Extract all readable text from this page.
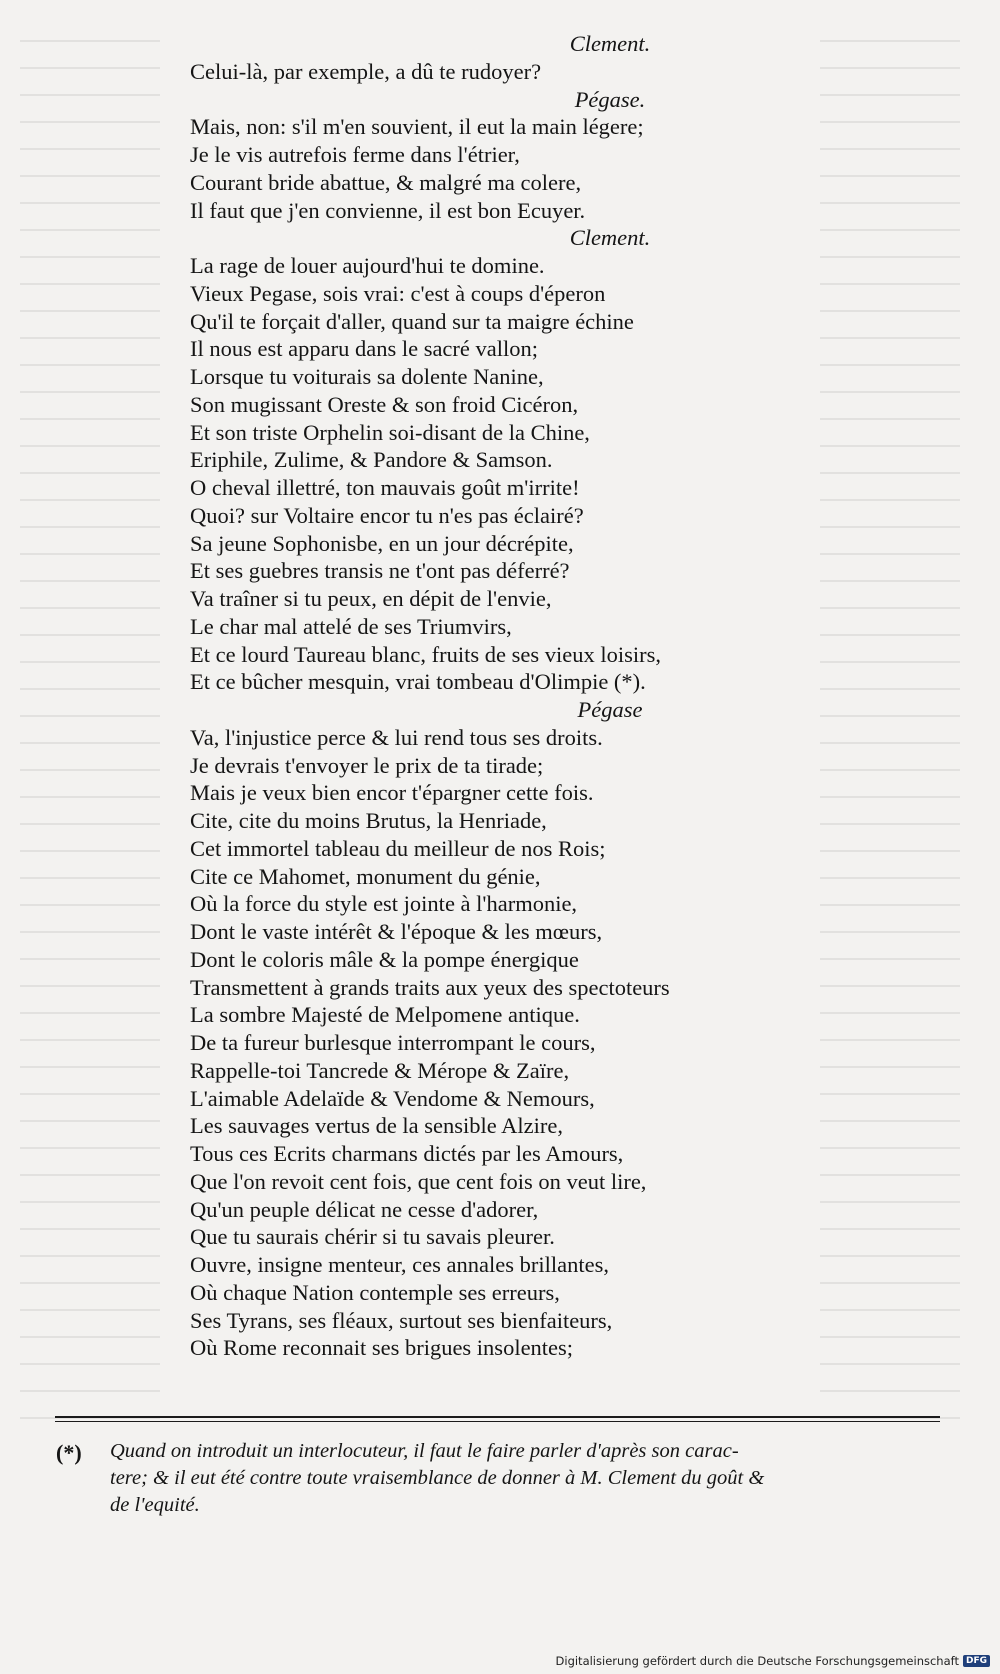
Clement.
Celui-là, par exemple, a dû te rudoyer?
Pégase.
Mais, non: s'il m'en souvient, il eut la main légere;
Je le vis autrefois ferme dans l'étrier,
Courant bride abattue, & malgré ma colere,
Il faut que j'en convienne, il est bon Ecuyer.
Clement.
La rage de louer aujourd'hui te domine.
Vieux Pegase, sois vrai: c'est à coups d'éperon
Qu'il te forçait d'aller, quand sur ta maigre échine
Il nous est apparu dans le sacré vallon;
Lorsque tu voiturais sa dolente Nanine,
Son mugissant Oreste & son froid Cicéron,
Et son triste Orphelin soi-disant de la Chine,
Eriphile, Zulime, & Pandore & Samson.
O cheval illettré, ton mauvais goût m'irrite!
Quoi? sur Voltaire encor tu n'es pas éclairé?
Sa jeune Sophonisbe, en un jour décrépite,
Et ses guebres transis ne t'ont pas déferré?
Va traîner si tu peux, en dépit de l'envie,
Le char mal attelé de ses Triumvirs,
Et ce lourd Taureau blanc, fruits de ses vieux loisirs,
Et ce bûcher mesquin, vrai tombeau d'Olimpie (*).
Pégase
Va, l'injustice perce & lui rend tous ses droits.
Je devrais t'envoyer le prix de ta tirade;
Mais je veux bien encor t'épargner cette fois.
Cite, cite du moins Brutus, la Henriade,
Cet immortel tableau du meilleur de nos Rois;
Cite ce Mahomet, monument du génie,
Où la force du style est jointe à l'harmonie,
Dont le vaste intérêt & l'époque & les mœurs,
Dont le coloris mâle & la pompe énergique
Transmettent à grands traits aux yeux des spectoteurs
La sombre Majesté de Melpomene antique.
De ta fureur burlesque interrompant le cours,
Rappelle-toi Tancrede & Mérope & Zaïre,
L'aimable Adelaïde & Vendome & Nemours,
Les sauvages vertus de la sensible Alzire,
Tous ces Ecrits charmans dictés par les Amours,
Que l'on revoit cent fois, que cent fois on veut lire,
Qu'un peuple délicat ne cesse d'adorer,
Que tu saurais chérir si tu savais pleurer.
Ouvre, insigne menteur, ces annales brillantes,
Où chaque Nation contemple ses erreurs,
Ses Tyrans, ses fléaux, surtout ses bienfaiteurs,
Où Rome reconnait ses brigues insolentes;
(*) Quand on introduit un interlocuteur, il faut le faire parler d'après son carac-
tere; & il eut été contre toute vraisemblance de donner à M. Clement du goût &
de l'equité.
Digitalisierung gefördert durch die Deutsche Forschungsgemeinschaft DFG
